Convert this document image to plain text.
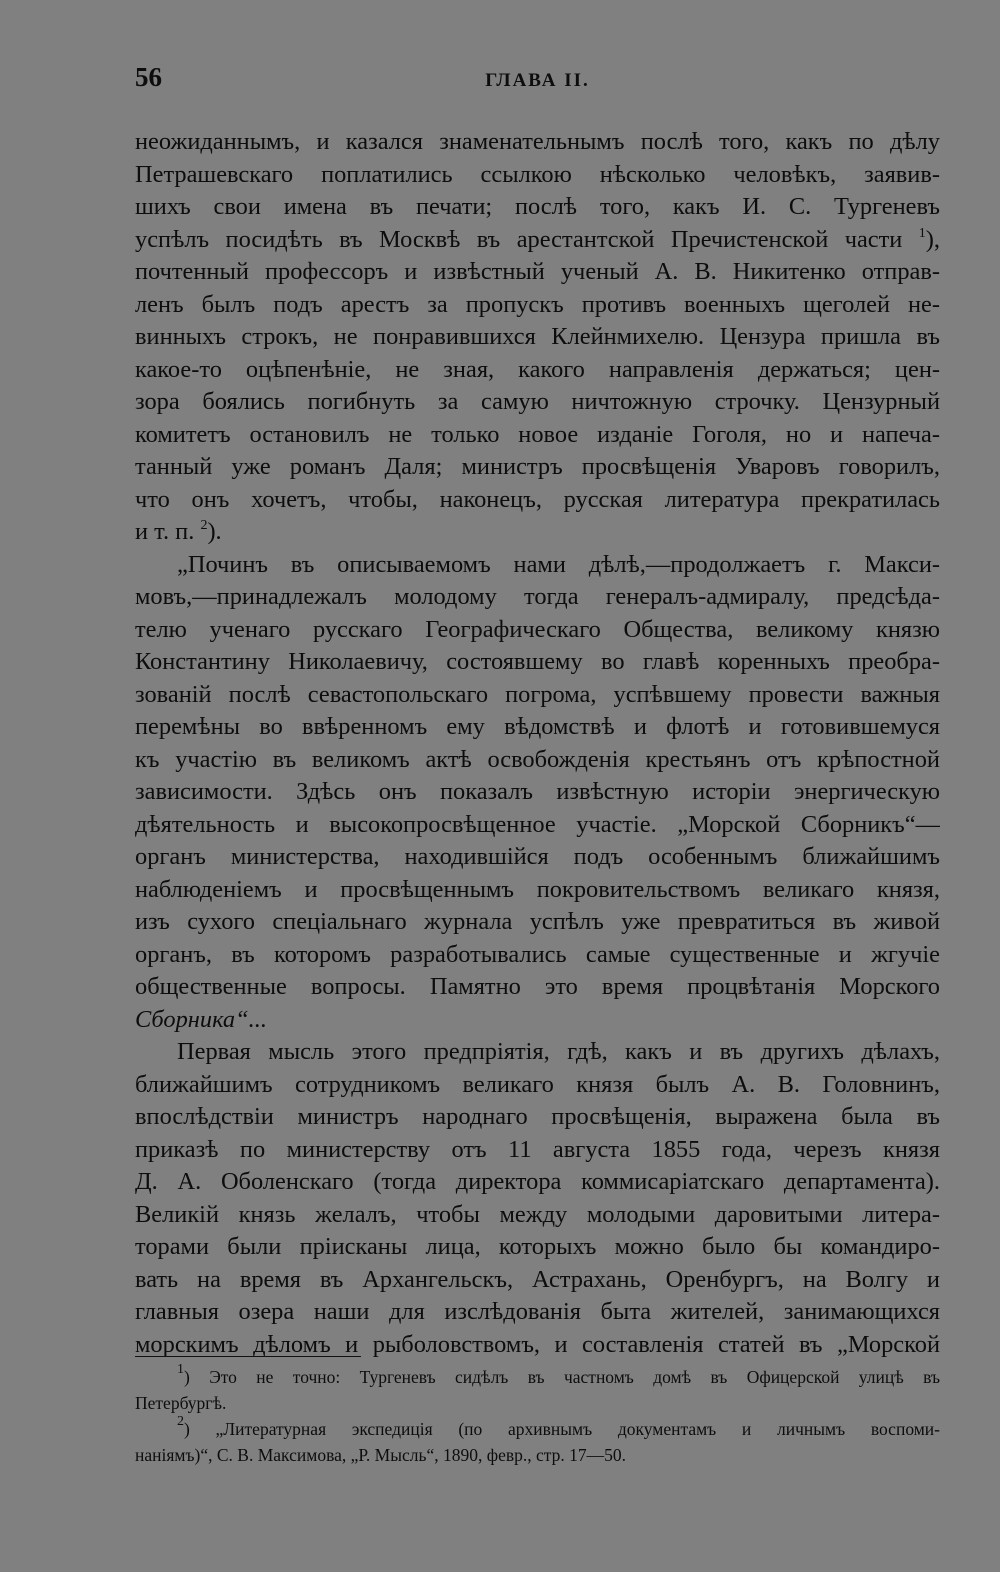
56	ГЛАВА II.
неожиданнымъ, и казался знаменательнымъ послѣ того, какъ по дѣлу
Петрашевскаго поплатились ссылкою нѣсколько человѣкъ, заявив-
шихъ свои имена въ печати; послѣ того, какъ И. С. Тургеневъ
успѣлъ посидѣть въ Москвѣ въ арестантской Пречистенской части $^1$),
почтенный профессоръ и извѣстный ученый А. В. Никитенко отправ-
ленъ былъ подъ арестъ за пропускъ противъ военныхъ щеголей не-
винныхъ строкъ, не понравившихся Клейнмихелю. Цензура пришла въ
какое-то оцѣпенѣніе, не зная, какого направленія держаться; цен-
зора боялись погибнуть за самую ничтожную строчку. Цензурный
комитетъ остановилъ не только новое изданіе Гоголя, но и напеча-
танный уже романъ Даля; министръ просвѣщенія Уваровъ говорилъ,
что онъ хочетъ, чтобы, наконецъ, русская литература прекратилась
и т. п. $^2$).
„Починъ въ описываемомъ нами дѣлѣ,—продолжаетъ г. Макси-
мовъ,—принадлежалъ молодому тогда генералъ-адмиралу, предсѣда-
телю ученаго русскаго Географическаго Общества, великому князю
Константину Николаевичу, состоявшему во главѣ коренныхъ преобра-
зованій послѣ севастопольскаго погрома, успѣвшему провести важныя
перемѣны во ввѣренномъ ему вѣдомствѣ и флотѣ и готовившемуся
къ участію въ великомъ актѣ освобожденія крестьянъ отъ крѣпостной
зависимости. Здѣсь онъ показалъ извѣстную исторіи энергическую
дѣятельность и высокопросвѣщенное участіе. „Морской Сборникъ“—
органъ министерства, находившійся подъ особеннымъ ближайшимъ
наблюденіемъ и просвѣщеннымъ покровительствомъ великаго князя,
изъ сухого спеціальнаго журнала успѣлъ уже превратиться въ живой
органъ, въ которомъ разработывались самые существенные и жгучіе
общественные вопросы. Памятно это время процвѣтанія Морского
Сборника“...
Первая мысль этого предпріятія, гдѣ, какъ и въ другихъ дѣлахъ,
ближайшимъ сотрудникомъ великаго князя былъ А. В. Головнинъ,
впослѣдствіи министръ народнаго просвѣщенія, выражена была въ
приказѣ по министерству отъ 11 августа 1855 года, черезъ князя
Д. А. Оболенскаго (тогда директора коммисаріатскаго департамента).
Великій князь желалъ, чтобы между молодыми даровитыми литера-
торами были пріисканы лица, которыхъ можно было бы командиро-
вать на время въ Архангельскъ, Астрахань, Оренбургъ, на Волгу и
главныя озера наши для изслѣдованія быта жителей, занимающихся
морскимъ дѣломъ и рыболовствомъ, и составленія статей въ „Морской
$^1$) Это не точно: Тургеневъ сидѣлъ въ частномъ домѣ въ Офицерской улицѣ въ
Петербургѣ.
$^2$) „Литературная экспедиція (по архивнымъ документамъ и личнымъ воспоми-
наніямъ)“, С. В. Максимова, „Р. Мысль“, 1890, февр., стр. 17—50.
